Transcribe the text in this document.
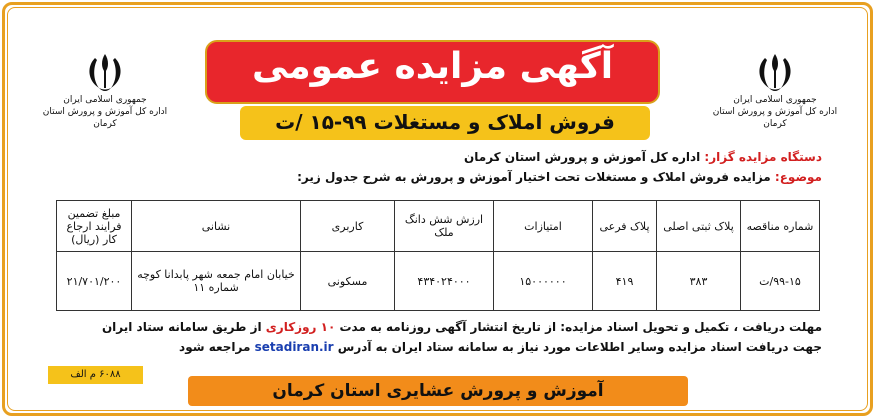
جمهوری اسلامی ایران
اداره کل آموزش و پرورش استان کرمان
جمهوری اسلامی ایران
اداره کل آموزش و پرورش استان کرمان
آگهی مزایده عمومی
فروش املاک و مستغلات ۹۹-۱۵ /ت
دستگاه مزایده گزار: اداره کل آموزش و پرورش استان کرمان
موضوع: مزایده فروش املاک و مستغلات تحت اختیار آموزش و پرورش به شرح جدول زیر:
شماره مناقصه	پلاک ثبتی اصلی	پلاک فرعی	امتیازات	ارزش شش دانگ ملک	کاربری	نشانی	مبلغ تضمین فرایند ارجاع کار (ریال)
۹۹-۱۵/ت	۳۸۳	۴۱۹	۱۵۰۰۰۰۰۰	۴۳۴۰۲۴۰۰۰	مسکونی	خیابان امام جمعه شهر پابدانا کوچه شماره ۱۱	۲۱/۷۰۱/۲۰۰
مهلت دریافت ، تکمیل و تحویل اسناد مزایده: از تاریخ انتشار آگهی روزنامه به مدت ۱۰ روزکاری از طریق سامانه ستاد ایران
جهت دریافت اسناد مزایده وسایر اطلاعات مورد نیاز به سامانه ستاد ایران به آدرس setadiran.ir مراجعه شود
۶۰۸۸ م الف
آموزش و پرورش عشایری استان کرمان
